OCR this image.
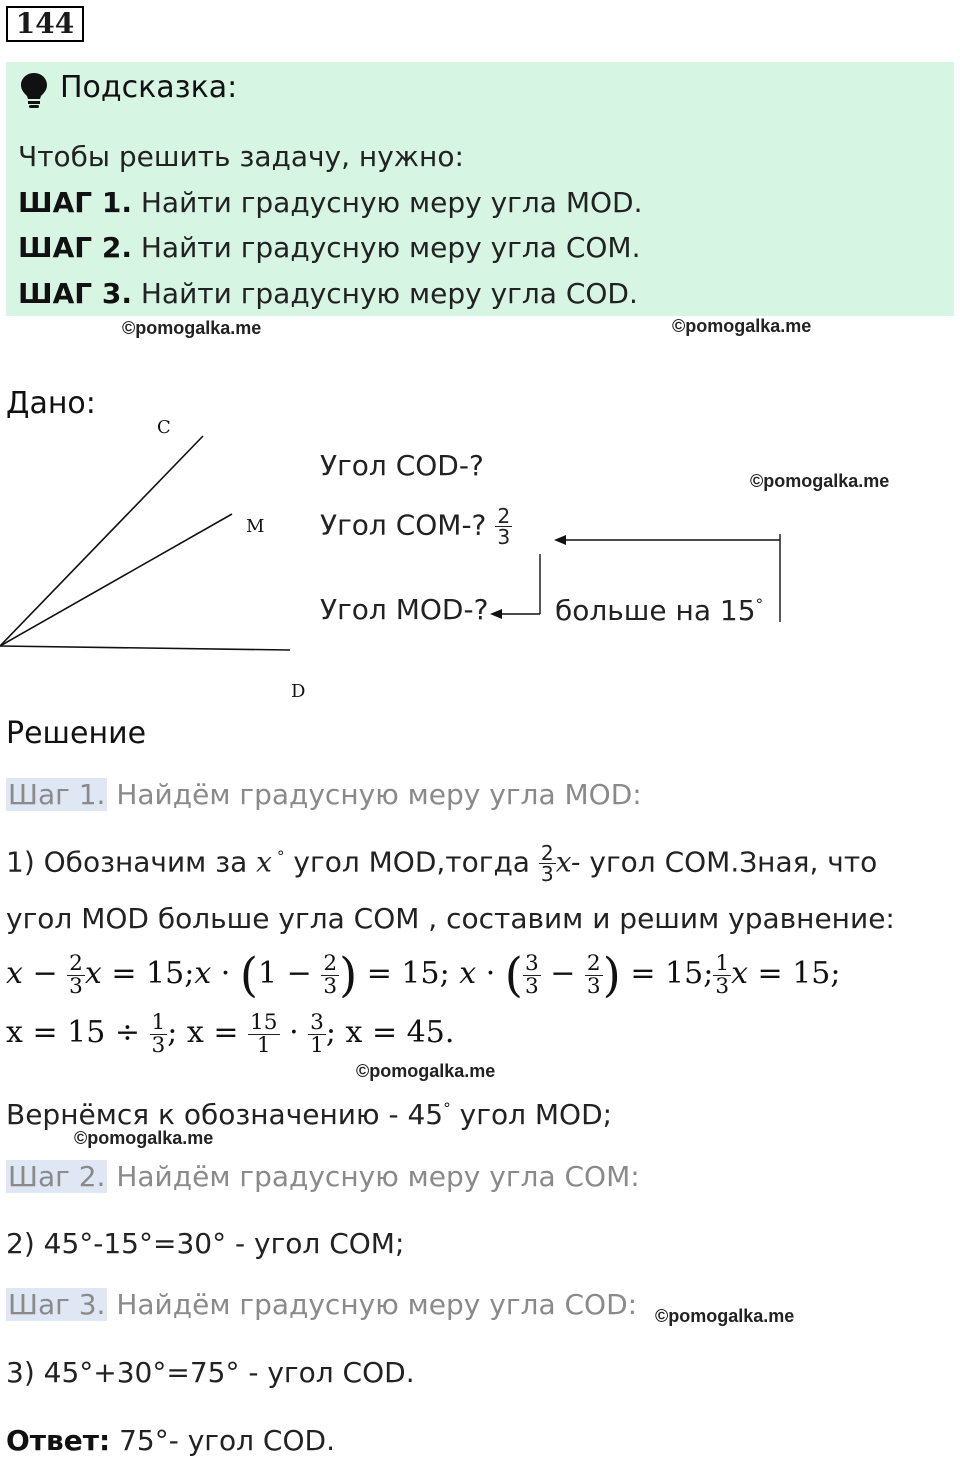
144
Подсказка:
Чтобы решить задачу, нужно:
ШАГ 1. Найти градусную меру угла MOD.
ШАГ 2. Найти градусную меру угла COM.
ШАГ 3. Найти градусную меру угла COD.
©pomogalka.me	©pomogalka.me
Дано:
C
M
D
Угол COD-?	©pomogalka.me
Угол COM-? $\frac{2}{3}$
Угол MOD-? больше на 15°
Решение
Шаг 1. Найдём градусную меру угла MOD:
1) Обозначим за x ° угол MOD,тогда $\frac{2}{3} x-$ угол COM.Зная, что
угол MOD больше угла COM , составим и решим уравнение:
$x - \frac{2}{3}$ x = 15;x · ($1 - \frac{2}{3}$ ) = 15; x · ( $\frac{3}{3} - \frac{2}{3}$ ) = 15; $\frac{1}{3}$ x = 15;
$x = 15 \div \frac{1}{3}$ ; $x = \frac{15}{1} \cdot \frac{3}{1}$ ; x = 45.
©pomogalka.me
Вернёмся к обозначению - 45° угол MOD;
©pomogalka.me
Шаг 2. Найдём градусную меру угла COM:
2) 45°-15°=30° - угол COM;
Шаг 3. Найдём градусную меру угла COD: ©pomogalka.me
3) 45°+30°=75° - угол COD.
Ответ: 75°- угол COD.
